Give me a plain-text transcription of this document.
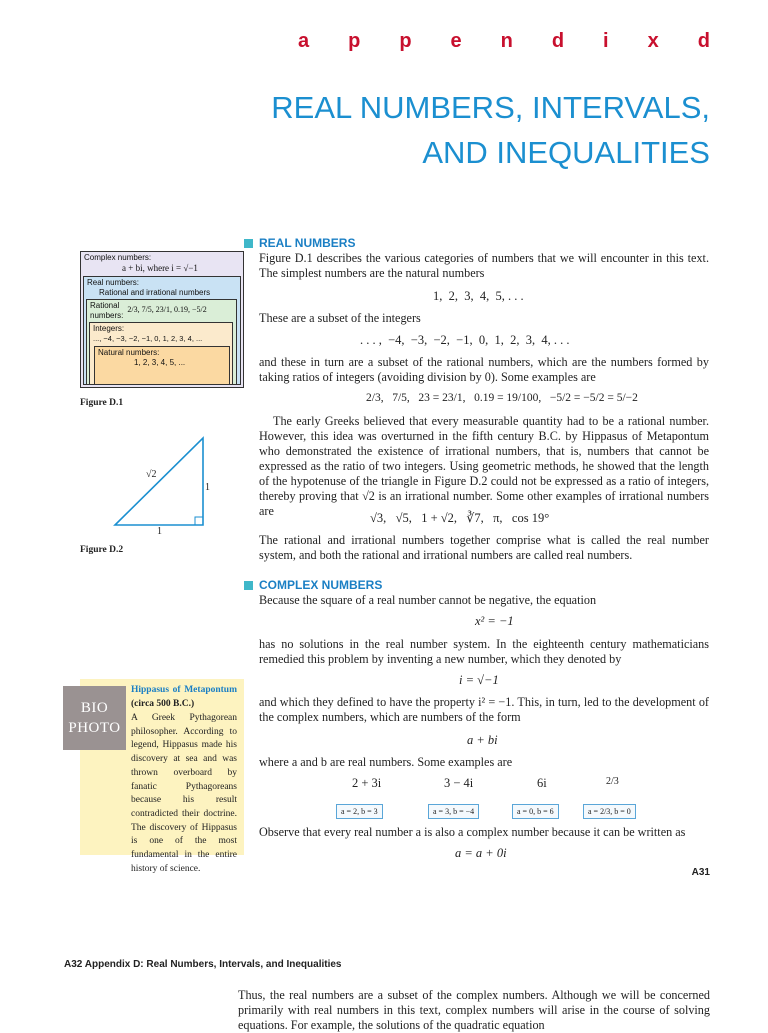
a p p e n d i x d
REAL NUMBERS, INTERVALS,
AND INEQUALITIES
Complex numbers:
a + bi, where i = √−1
Real numbers:
Rational and irrational numbers
Rational
numbers:
2/3, 7/5, 23/1, 0.19, −5/2
Integers:
..., −4, −3, −2, −1, 0, 1, 2, 3, 4, ...
Natural numbers:
1, 2, 3, 4, 5, ...
Figure D.1
√2
1
1
Figure D.2
REAL NUMBERS
Figure D.1 describes the various categories of numbers that we will encounter in this text. The simplest numbers are the natural numbers
1,  2,  3,  4,  5, . . .
These are a subset of the integers
. . . ,  −4,  −3,  −2,  −1,  0,  1,  2,  3,  4, . . .
and these in turn are a subset of the rational numbers, which are the numbers formed by taking ratios of integers (avoiding division by 0). Some examples are
2/3,   7/5,   23 = 23/1,   0.19 = 19/100,   −5/2 = −5/2 = 5/−2
The early Greeks believed that every measurable quantity had to be a rational number. However, this idea was overturned in the fifth century B.C. by Hippasus of Metapontum who demonstrated the existence of irrational numbers, that is, numbers that cannot be expressed as the ratio of two integers. Using geometric methods, he showed that the length of the hypotenuse of the triangle in Figure D.2 could not be expressed as a ratio of integers, thereby proving that √2 is an irrational number. Some other examples of irrational numbers are	√3,   √5,   1 + √2,   ∛7,   π,   cos 19°
The rational and irrational numbers together comprise what is called the real number system, and both the rational and irrational numbers are called real numbers.
COMPLEX NUMBERS
Because the square of a real number cannot be negative, the equation
x² = −1
has no solutions in the real number system. In the eighteenth century mathematicians remedied this problem by inventing a new number, which they denoted by
i = √−1
and which they defined to have the property i² = −1. This, in turn, led to the development of the complex numbers, which are numbers of the form
a + bi
where a and b are real numbers. Some examples are
2 + 3i	3 − 4i	6i	2/3
a = 2, b = 3	a = 3, b = −4	a = 0, b = 6	a = 2/3, b = 0
Observe that every real number a is also a complex number because it can be written as
a = a + 0i
Hippasus of Metapontum (circa 500 B.C.)
A Greek Pythagorean philosopher. According to legend, Hippasus made his discovery at sea and was thrown overboard by fanatic Pythagoreans because his result contradicted their doctrine. The discovery of Hippasus is one of the most fundamental in the entire history of science.
BIO
PHOTO
A31
A32 Appendix D: Real Numbers, Intervals, and Inequalities
Thus, the real numbers are a subset of the complex numbers. Although we will be concerned primarily with real numbers in this text, complex numbers will arise in the course of solving equations. For example, the solutions of the quadratic equation
